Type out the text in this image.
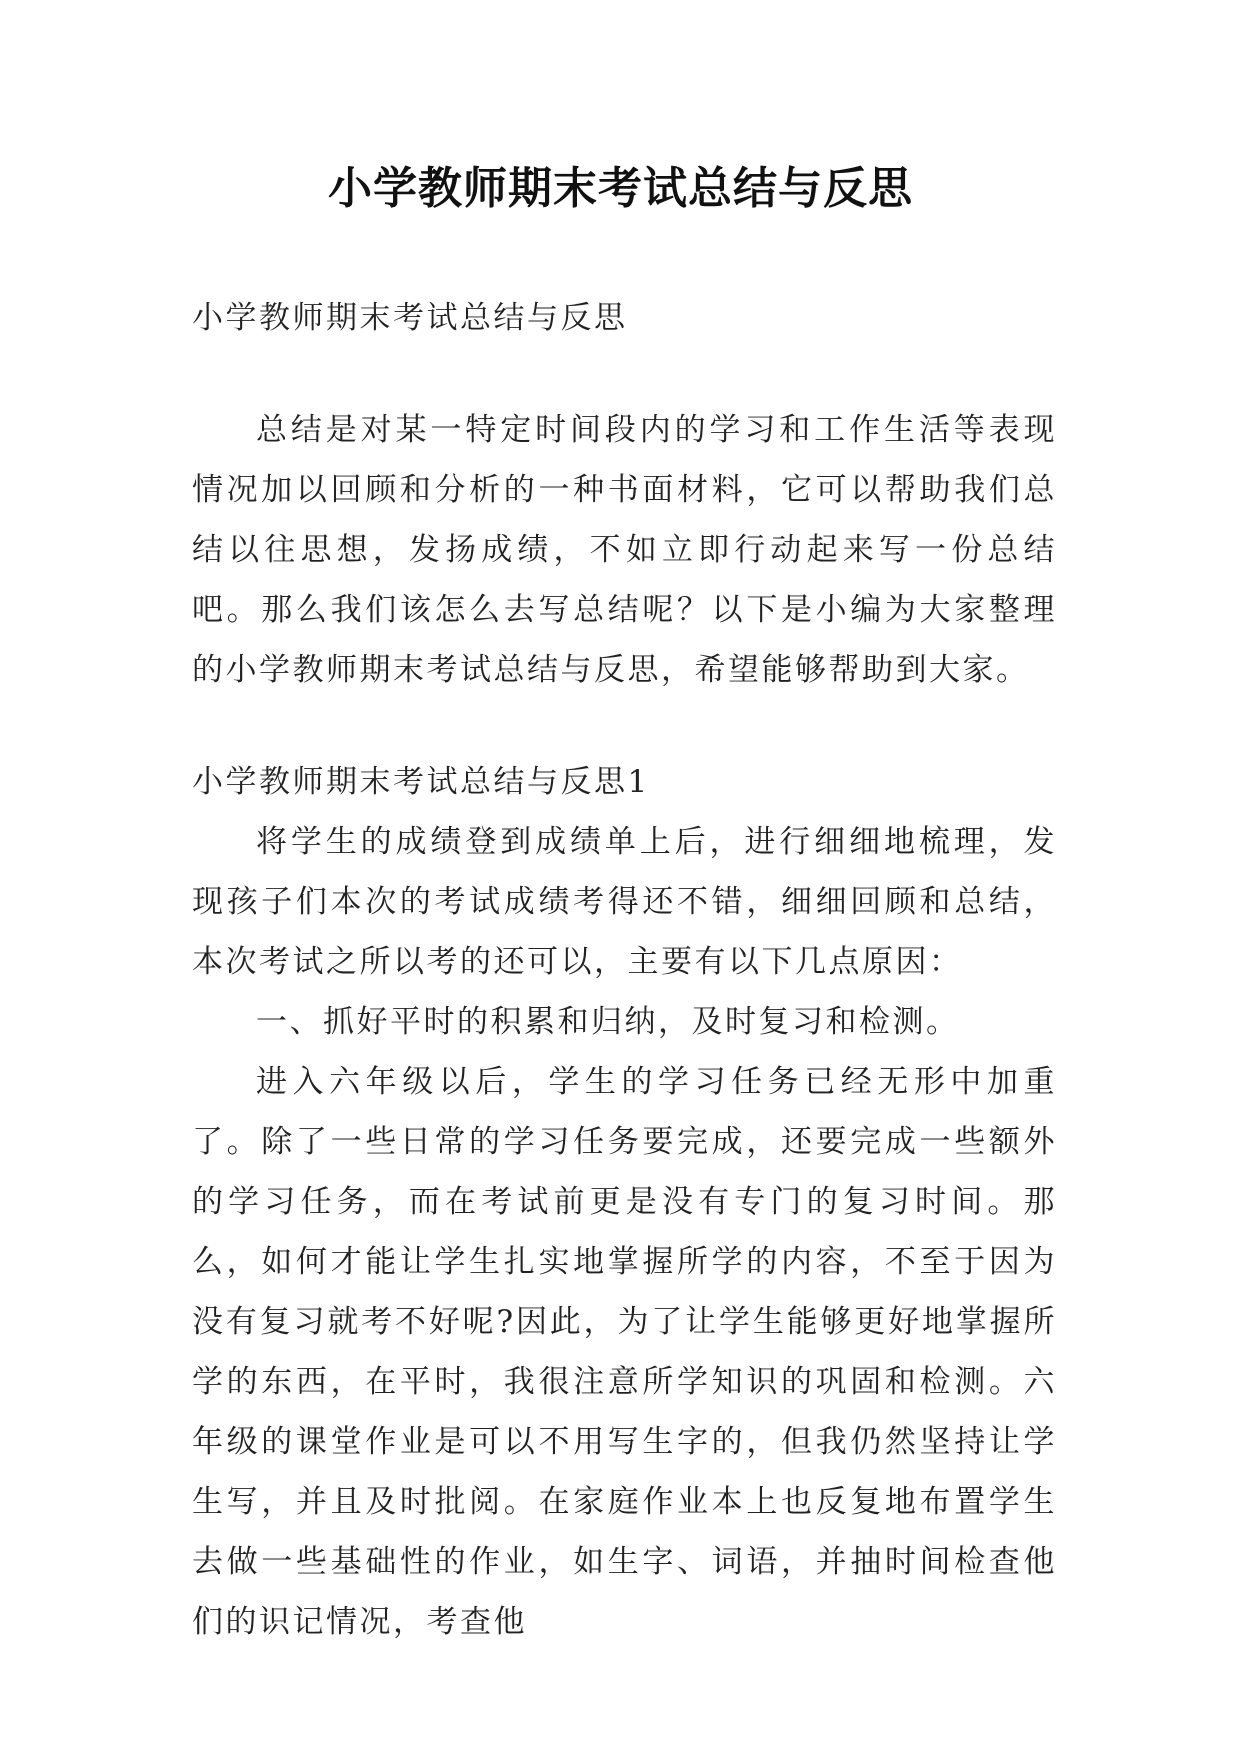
小学教师期末考试总结与反思

小学教师期末考试总结与反思

总结是对某一特定时间段内的学习和工作生活等表现情况加以回顾和分析的一种书面材料，它可以帮助我们总结以往思想，发扬成绩，不如立即行动起来写一份总结吧。那么我们该怎么去写总结呢？以下是小编为大家整理的小学教师期末考试总结与反思，希望能够帮助到大家。

小学教师期末考试总结与反思1

将学生的成绩登到成绩单上后，进行细细地梳理，发现孩子们本次的考试成绩考得还不错，细细回顾和总结，本次考试之所以考的还可以，主要有以下几点原因：

一、抓好平时的积累和归纳，及时复习和检测。

进入六年级以后，学生的学习任务已经无形中加重了。除了一些日常的学习任务要完成，还要完成一些额外的学习任务，而在考试前更是没有专门的复习时间。那么，如何才能让学生扎实地掌握所学的内容，不至于因为没有复习就考不好呢?因此，为了让学生能够更好地掌握所学的东西，在平时，我很注意所学知识的巩固和检测。六年级的课堂作业是可以不用写生字的，但我仍然坚持让学生写，并且及时批阅。在家庭作业本上也反复地布置学生去做一些基础性的作业，如生字、词语，并抽时间检查他们的识记情况，考查他
